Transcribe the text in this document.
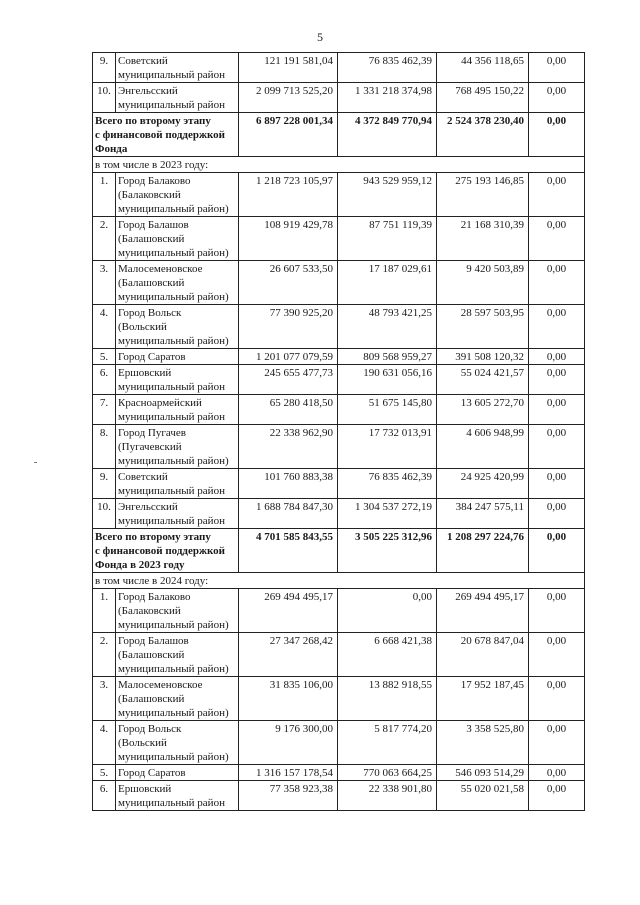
5
9.	Советский
муниципальный район	121 191 581,04	76 835 462,39	44 356 118,65	0,00
10.	Энгельсский
муниципальный район	2 099 713 525,20	1 331 218 374,98	768 495 150,22	0,00

Всего по второму этапу
с финансовой поддержкой
Фонда		6 897 228 001,34	4 372 849 770,94	2 524 378 230,40	0,00
в том числе в 2023 году:					
1.	Город Балаково
(Балаковский
муниципальный район)	1 218 723 105,97	943 529 959,12	275 193 146,85	0,00
2.	Город Балашов
(Балашовский
муниципальный район)	108 919 429,78	87 751 119,39	21 168 310,39	0,00
3.	Малосеменовское
(Балашовский
муниципальный район)	26 607 533,50	17 187 029,61	9 420 503,89	0,00
4.	Город Вольск
(Вольский
муниципальный район)	77 390 925,20	48 793 421,25	28 597 503,95	0,00
5.	Город Саратов	1 201 077 079,59	809 568 959,27	391 508 120,32	0,00
6.	Ершовский
муниципальный район	245 655 477,73	190 631 056,16	55 024 421,57	0,00
7.	Красноармейский
муниципальный район	65 280 418,50	51 675 145,80	13 605 272,70	0,00
8.	Город Пугачев
(Пугачевский
муниципальный район)	22 338 962,90	17 732 013,91	4 606 948,99	0,00
9.	Советский
муниципальный район	101 760 883,38	76 835 462,39	24 925 420,99	0,00
10.	Энгельсский
муниципальный район	1 688 784 847,30	1 304 537 272,19	384 247 575,11	0,00

Всего по второму этапу
с финансовой поддержкой
Фонда в 2023 году		4 701 585 843,55	3 505 225 312,96	1 208 297 224,76	0,00
в том числе в 2024 году:					
1.	Город Балаково
(Балаковский
муниципальный район)	269 494 495,17	0,00	269 494 495,17	0,00
2.	Город Балашов
(Балашовский
муниципальный район)	27 347 268,42	6 668 421,38	20 678 847,04	0,00
3.	Малосеменовское
(Балашовский
муниципальный район)	31 835 106,00	13 882 918,55	17 952 187,45	0,00
4.	Город Вольск
(Вольский
муниципальный район)	9 176 300,00	5 817 774,20	3 358 525,80	0,00
5.	Город Саратов	1 316 157 178,54	770 063 664,25	546 093 514,29	0,00
6.	Ершовский
муниципальный район	77 358 923,38	22 338 901,80	55 020 021,58	0,00
